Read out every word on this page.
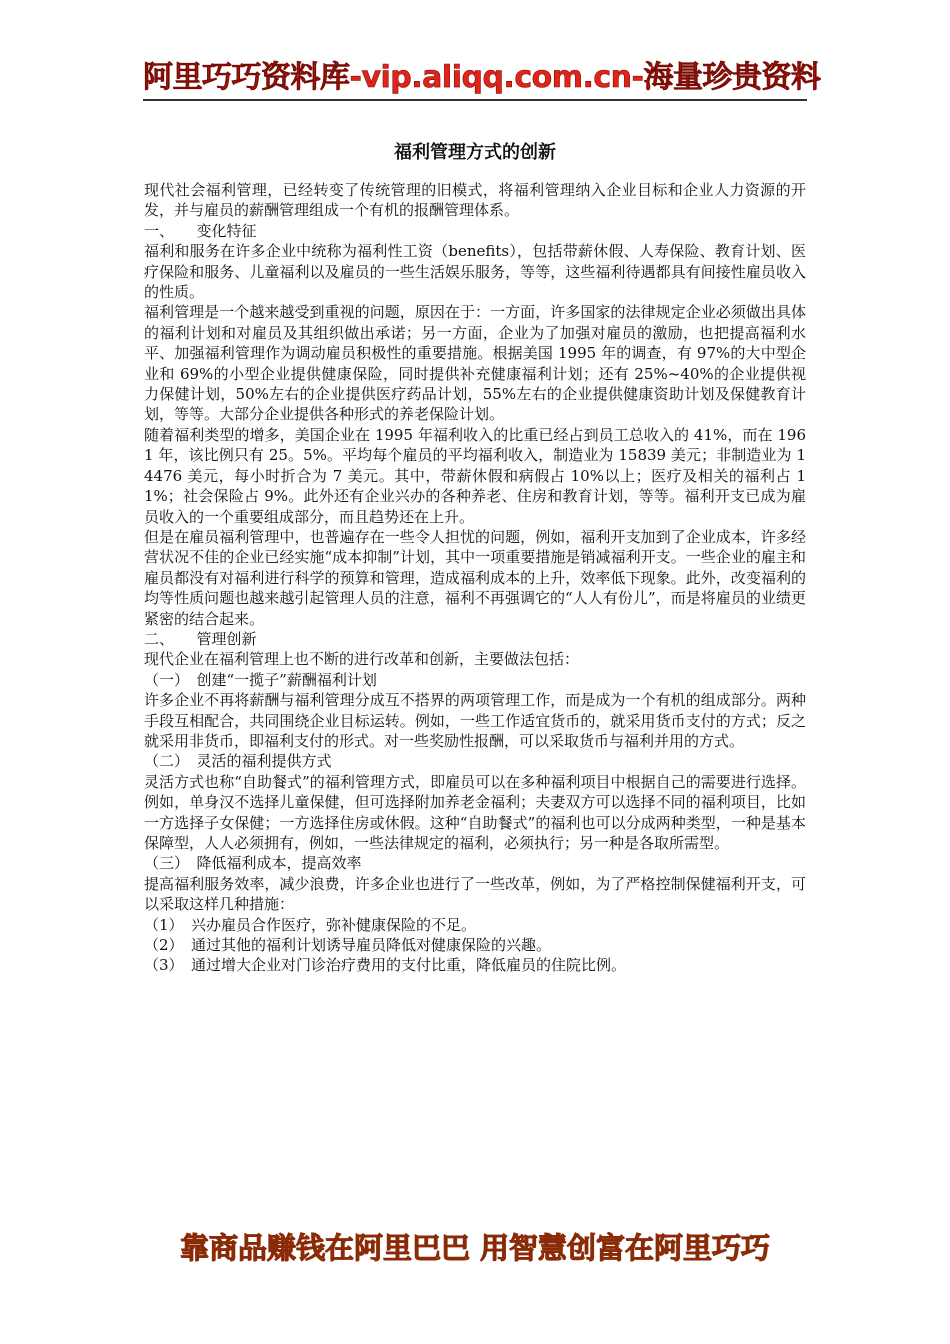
阿里巧巧资料库-vip.aliqq.com.cn-海量珍贵资料
福利管理方式的创新

现代社会福利管理，已经转变了传统管理的旧模式，将福利管理纳入企业目标和企业人力资源的开发，并与雇员的薪酬管理组成一个有机的报酬管理体系。

一、　　变化特征

福利和服务在许多企业中统称为福利性工资（benefits），包括带薪休假、人寿保险、教育计划、医疗保险和服务、儿童福利以及雇员的一些生活娱乐服务，等等，这些福利待遇都具有间接性雇员收入的性质。

福利管理是一个越来越受到重视的问题，原因在于：一方面，许多国家的法律规定企业必须做出具体的福利计划和对雇员及其组织做出承诺；另一方面，企业为了加强对雇员的激励，也把提高福利水平、加强福利管理作为调动雇员积极性的重要措施。根据美国 1995 年的调查，有 97%的大中型企业和 69%的小型企业提供健康保险，同时提供补充健康福利计划；还有 25%~40%的企业提供视力保健计划，50%左右的企业提供医疗药品计划，55%左右的企业提供健康资助计划及保健教育计划，等等。大部分企业提供各种形式的养老保险计划。

随着福利类型的增多，美国企业在 1995 年福利收入的比重已经占到员工总收入的 41%，而在 1961 年，该比例只有 25。5%。平均每个雇员的平均福利收入，制造业为 15839 美元；非制造业为 14476 美元，每小时折合为 7 美元。其中，带薪休假和病假占 10%以上；医疗及相关的福利占 11%；社会保险占 9%。此外还有企业兴办的各种养老、住房和教育计划，等等。福利开支已成为雇员收入的一个重要组成部分，而且趋势还在上升。

但是在雇员福利管理中，也普遍存在一些令人担忧的问题，例如，福利开支加到了企业成本，许多经营状况不佳的企业已经实施“成本抑制”计划，其中一项重要措施是销减福利开支。一些企业的雇主和雇员都没有对福利进行科学的预算和管理，造成福利成本的上升，效率低下现象。此外，改变福利的均等性质问题也越来越引起管理人员的注意，福利不再强调它的“人人有份儿”，而是将雇员的业绩更紧密的结合起来。

二、　　管理创新

现代企业在福利管理上也不断的进行改革和创新，主要做法包括：

（一）　创建“一揽子”薪酬福利计划

许多企业不再将薪酬与福利管理分成互不搭界的两项管理工作，而是成为一个有机的组成部分。两种手段互相配合，共同围绕企业目标运转。例如，一些工作适宜货币的，就采用货币支付的方式；反之就采用非货币，即福利支付的形式。对一些奖励性报酬，可以采取货币与福利并用的方式。

（二）　灵活的福利提供方式

灵活方式也称“自助餐式”的福利管理方式，即雇员可以在多种福利项目中根据自己的需要进行选择。例如，单身汉不选择儿童保健，但可选择附加养老金福利；夫妻双方可以选择不同的福利项目，比如一方选择子女保健；一方选择住房或休假。这种“自助餐式”的福利也可以分成两种类型，一种是基本保障型，人人必须拥有，例如，一些法律规定的福利，必须执行；另一种是各取所需型。

（三）　降低福利成本，提高效率

提高福利服务效率，减少浪费，许多企业也进行了一些改革，例如，为了严格控制保健福利开支，可以采取这样几种措施：

（1）　兴办雇员合作医疗，弥补健康保险的不足。

（2）　通过其他的福利计划诱导雇员降低对健康保险的兴趣。

（3）　通过增大企业对门诊治疗费用的支付比重，降低雇员的住院比例。

靠商品赚钱在阿里巴巴 用智慧创富在阿里巧巧
